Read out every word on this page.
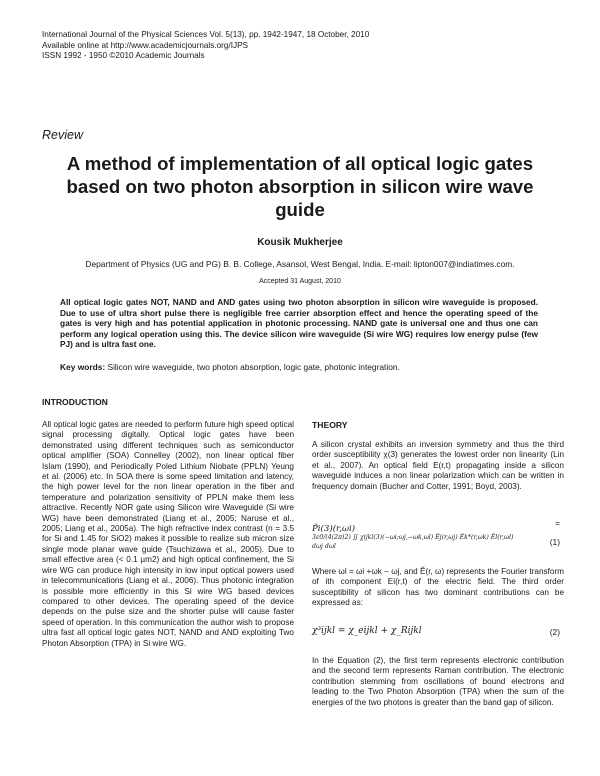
International Journal of the Physical Sciences Vol. 5(13), pp. 1942-1947, 18 October, 2010
Available online at http://www.academicjournals.org/IJPS
ISSN 1992 - 1950 ©2010 Academic Journals
Review
A method of implementation of all optical logic gates based on two photon absorption in silicon wire wave guide
Kousik Mukherjee
Department of Physics (UG and PG) B. B. College, Asansol, West Bengal, India. E-mail: lipton007@indiatimes.com.
Accepted 31 August, 2010
All optical logic gates NOT, NAND and AND gates using two photon absorption in silicon wire waveguide is proposed. Due to use of ultra short pulse there is negligible free carrier absorption effect and hence the operating speed of the gates is very high and has potential application in photonic processing. NAND gate is universal one and thus one can perform any logical operation using this. The device silicon wire waveguide (Si wire WG) requires low energy pulse (few PJ) and is ultra fast one.
Key words: Silicon wire waveguide, two photon absorption, logic gate, photonic integration.
INTRODUCTION
All optical logic gates are needed to perform future high speed optical signal processing digitally. Optical logic gates have been demonstrated using different techniques such as semiconductor optical amplifier (SOA) Connelley (2002), non linear optical fiber Islam (1990), and Periodically Poled Lithium Niobate (PPLN) Yeung et al. (2006) etc. In SOA there is some speed limitation and latency, the high power level for the non linear operation in the fiber and temperature and polarization sensitivity of PPLN make them less attractive. Recently NOR gate using Silicon wire Waveguide (Si wire WG) have been demonstrated (Liang et al., 2005; Naruse et al., 2005; Liang et al., 2005a). The high refractive index contrast (n = 3.5 for Si and 1.45 for SiO2) makes it possible to realize sub micron size single mode planar wave guide (Tsuchizawa et al., 2005). Due to small effective area (< 0.1 µm2) and high optical confinement, the Si wire WG can produce high intensity in low input optical powers used in telecommunications (Liang et al., 2006). Thus photonic integration is possible more efficiently in this Si wire WG based devices compared to other devices. The operating speed of the device depends on the pulse size and the shorter pulse will cause faster speed of operation. In this communication the author wish to propose ultra fast all optical logic gates NOT, NAND and AND exploiting Two Photon Absorption (TPA) in Si wire WG.
THEORY
A silicon crystal exhibits an inversion symmetry and thus the third order susceptibility χ(3) generates the lowest order non linearity (Lin et al., 2007). An optical field E(r,t) propagating inside a silicon waveguide induces a non linear polarization which can be written in frequency domain (Bucher and Cotter, 1991; Boyd, 2003).
P̃i(3)(r,ωi)
=
3ε0/(4(2π)2) ∬ χijkl(3)(−ωi;ωj,−ωk,ωl) Ẽj(r,ωj) Ẽk*(r,ωk) Ẽl(r,ωl) dωj dωl	(1)
Where ωl = ωi +ωk − ωj, and Ẽ(r, ω) represents the Fourier transform of ith component Ei(r,t) of the electric field. The third order susceptibility of silicon has two dominant contributions can be expressed as:
χ³ijkl = χ_eijkl + χ_Rijkl	(2)
In the Equation (2), the first term represents electronic contribution and the second term represents Raman contribution. The electronic contribution stemming from oscillations of bound electrons and leading to the Two Photon Absorption (TPA) when the sum of the energies of the two photons is greater than the band gap of silicon.
